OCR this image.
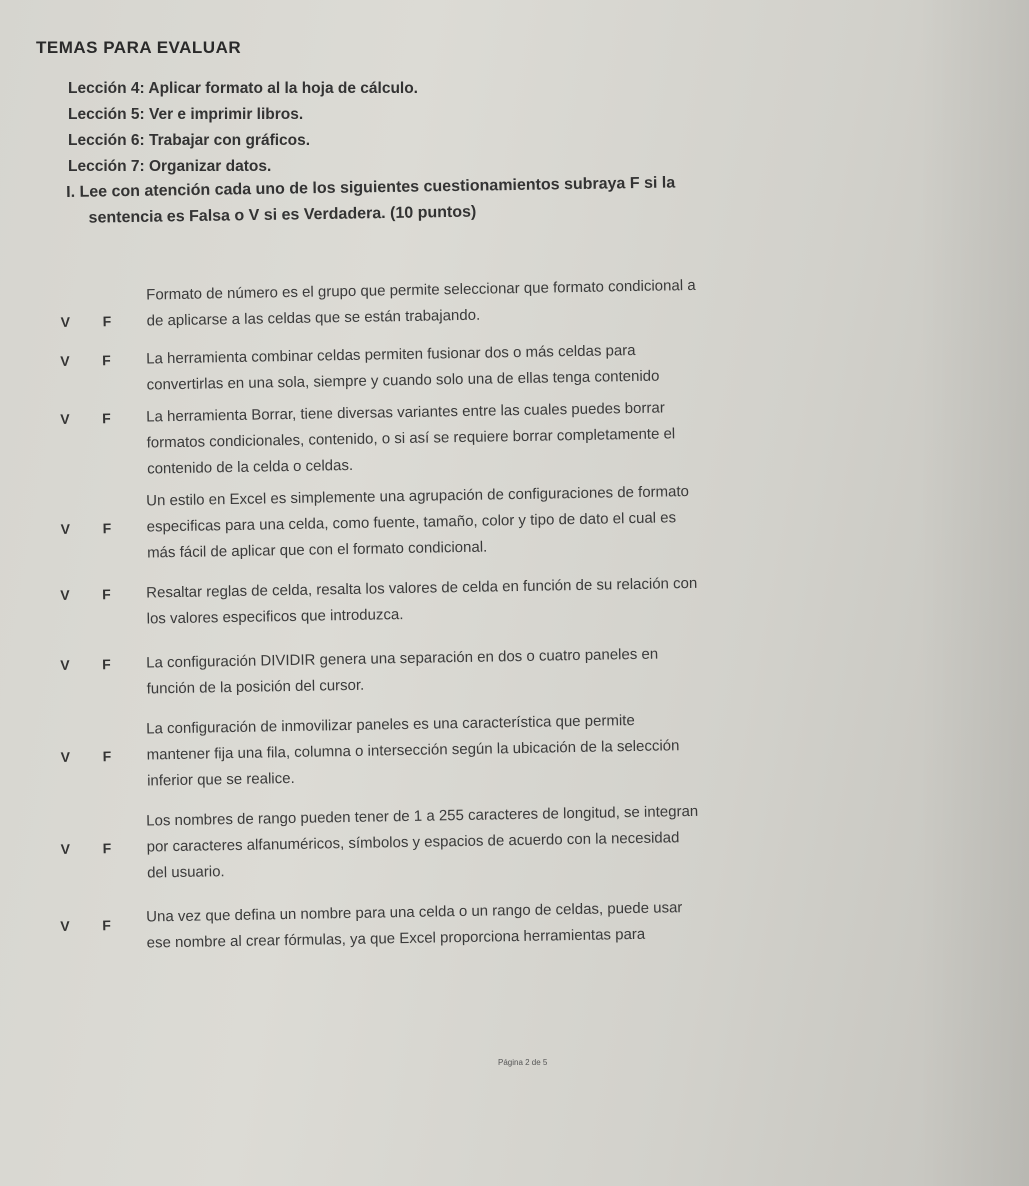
TEMAS PARA EVALUAR
Lección 4: Aplicar formato al la hoja de cálculo.
Lección 5: Ver e imprimir libros.
Lección 6: Trabajar con gráficos.
Lección 7: Organizar datos.
I. Lee con atención cada uno de los siguientes cuestionamientos subraya F si la
sentencia es Falsa o V si es Verdadera. (10 puntos)
V F
Formato de número es el grupo que permite seleccionar que formato condicional a
de aplicarse a las celdas que se están trabajando.
V F La herramienta combinar celdas permiten fusionar dos o más celdas para
convertirlas en una sola, siempre y cuando solo una de ellas tenga contenido
V F La herramienta Borrar, tiene diversas variantes entre las cuales puedes borrar
formatos condicionales, contenido, o si así se requiere borrar completamente el
contenido de la celda o celdas.
V F
Un estilo en Excel es simplemente una agrupación de configuraciones de formato
especificas para una celda, como fuente, tamaño, color y tipo de dato el cual es
más fácil de aplicar que con el formato condicional.
V F Resaltar reglas de celda, resalta los valores de celda en función de su relación con
los valores especificos que introduzca.
V F La configuración DIVIDIR genera una separación en dos o cuatro paneles en
función de la posición del cursor.
V F
La configuración de inmovilizar paneles es una característica que permite
mantener fija una fila, columna o intersección según la ubicación de la selección
inferior que se realice.
V F
Los nombres de rango pueden tener de 1 a 255 caracteres de longitud, se integran
por caracteres alfanuméricos, símbolos y espacios de acuerdo con la necesidad
del usuario.
V F Una vez que defina un nombre para una celda o un rango de celdas, puede usar
ese nombre al crear fórmulas, ya que Excel proporciona herramientas para
Página 2 de 5
